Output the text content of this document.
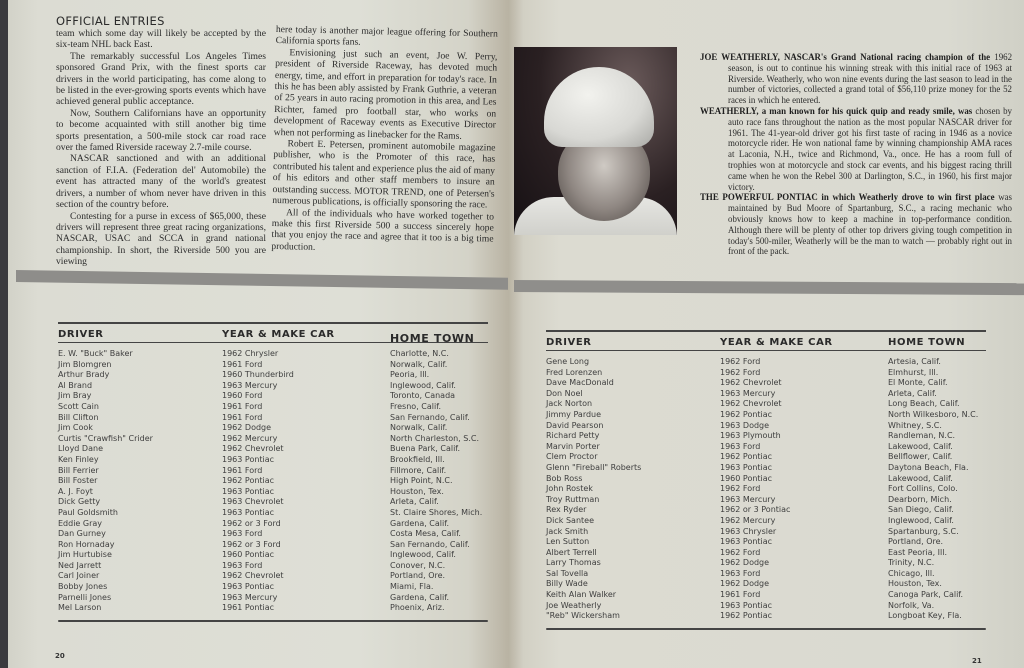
OFFICIAL ENTRIES

team which some day will likely be accepted by the six-team NHL back East.

The remarkably successful Los Angeles Times sponsored Grand Prix, with the finest sports car drivers in the world participating, has come along to be listed in the ever-growing sports events which have achieved general public acceptance.

Now, Southern Californians have an opportunity to become acquainted with still another big time sports presentation, a 500-mile stock car road race over the famed Riverside raceway 2.7-mile course.

NASCAR sanctioned and with an additional sanction of F.I.A. (Federation del' Automobile) the event has attracted many of the world's greatest drivers, a number of whom never have driven in this section of the country before.

Contesting for a purse in excess of $65,000, these drivers will represent three great racing organizations, NASCAR, USAC and SCCA in grand national championship. In short, the Riverside 500 you are viewing

here today is another major league offering for Southern California sports fans.

Envisioning just such an event, Joe W. Perry, president of Riverside Raceway, has devoted much energy, time, and effort in preparation for today's race. In this he has been ably assisted by Frank Guthrie, a veteran of 25 years in auto racing promotion in this area, and Les Richter, famed pro football star, who works on development of Raceway events as Executive Director when not performing as linebacker for the Rams.

Robert E. Petersen, prominent automobile magazine publisher, who is the Promoter of this race, has contributed his talent and experience plus the aid of many of his editors and other staff members to insure an outstanding success. MOTOR TREND, one of Petersen's numerous publications, is officially sponsoring the race.

All of the individuals who have worked together to make this first Riverside 500 a success sincerely hope that you enjoy the race and agree that it too is a big time production.

DRIVER	YEAR & MAKE CAR	HOME TOWN
E. W. "Buck" Baker	1962 Chrysler	Charlotte, N.C.
Jim Blomgren	1961 Ford	Norwalk, Calif.
Arthur Brady	1960 Thunderbird	Peoria, Ill.
Al Brand	1963 Mercury	Inglewood, Calif.
Jim Bray	1960 Ford	Toronto, Canada
Scott Cain	1961 Ford	Fresno, Calif.
Bill Clifton	1961 Ford	San Fernando, Calif.
Jim Cook	1962 Dodge	Norwalk, Calif.
Curtis "Crawfish" Crider	1962 Mercury	North Charleston, S.C.
Lloyd Dane	1962 Chevrolet	Buena Park, Calif.
Ken Finley	1963 Pontiac	Brookfield, Ill.
Bill Ferrier	1961 Ford	Fillmore, Calif.
Bill Foster	1962 Pontiac	High Point, N.C.
A. J. Foyt	1963 Pontiac	Houston, Tex.
Dick Getty	1963 Chevrolet	Arleta, Calif.
Paul Goldsmith	1963 Pontiac	St. Claire Shores, Mich.
Eddie Gray	1962 or 3 Ford	Gardena, Calif.
Dan Gurney	1963 Ford	Costa Mesa, Calif.
Ron Hornaday	1962 or 3 Ford	San Fernando, Calif.
Jim Hurtubise	1960 Pontiac	Inglewood, Calif.
Ned Jarrett	1963 Ford	Conover, N.C.
Carl Joiner	1962 Chevrolet	Portland, Ore.
Bobby Jones	1963 Pontiac	Miami, Fla.
Parnelli Jones	1963 Mercury	Gardena, Calif.
Mel Larson	1961 Pontiac	Phoenix, Ariz.
20

JOE WEATHERLY, NASCAR's Grand National racing champion of the 1962 season, is out to continue his winning streak with this initial race of 1963 at Riverside. Weatherly, who won nine events during the last season to lead in the number of victories, collected a grand total of $56,110 prize money for the 52 races in which he entered.

WEATHERLY, a man known for his quick quip and ready smile, was chosen by auto race fans throughout the nation as the most popular NASCAR driver for 1961. The 41-year-old driver got his first taste of racing in 1946 as a novice motorcycle rider. He won national fame by winning championship AMA races at Laconia, N.H., twice and Richmond, Va., once. He has a room full of trophies won at motorcycle and stock car events, and his biggest racing thrill came when he won the Rebel 300 at Darlington, S.C., in 1960, his first major victory.

THE POWERFUL PONTIAC in which Weatherly drove to win first place was maintained by Bud Moore of Spartanburg, S.C., a racing mechanic who obviously knows how to keep a machine in top-performance condition. Although there will be plenty of other top drivers giving tough competition in today's 500-miler, Weatherly will be the man to watch — probably right out in front of the pack.

DRIVER	YEAR & MAKE CAR	HOME TOWN
Gene Long	1962 Ford	Artesia, Calif.
Fred Lorenzen	1962 Ford	Elmhurst, Ill.
Dave MacDonald	1962 Chevrolet	El Monte, Calif.
Don Noel	1963 Mercury	Arleta, Calif.
Jack Norton	1962 Chevrolet	Long Beach, Calif.
Jimmy Pardue	1962 Pontiac	North Wilkesboro, N.C.
David Pearson	1963 Dodge	Whitney, S.C.
Richard Petty	1963 Plymouth	Randleman, N.C.
Marvin Porter	1963 Ford	Lakewood, Calif.
Clem Proctor	1962 Pontiac	Bellflower, Calif.
Glenn "Fireball" Roberts	1963 Pontiac	Daytona Beach, Fla.
Bob Ross	1960 Pontiac	Lakewood, Calif.
John Rostek	1962 Ford	Fort Collins, Colo.
Troy Ruttman	1963 Mercury	Dearborn, Mich.
Rex Ryder	1962 or 3 Pontiac	San Diego, Calif.
Dick Santee	1962 Mercury	Inglewood, Calif.
Jack Smith	1963 Chrysler	Spartanburg, S.C.
Len Sutton	1963 Pontiac	Portland, Ore.
Albert Terrell	1962 Ford	East Peoria, Ill.
Larry Thomas	1962 Dodge	Trinity, N.C.
Sal Tovella	1963 Ford	Chicago, Ill.
Billy Wade	1962 Dodge	Houston, Tex.
Keith Alan Walker	1961 Ford	Canoga Park, Calif.
Joe Weatherly	1963 Pontiac	Norfolk, Va.
"Reb" Wickersham	1962 Pontiac	Longboat Key, Fla.
21
